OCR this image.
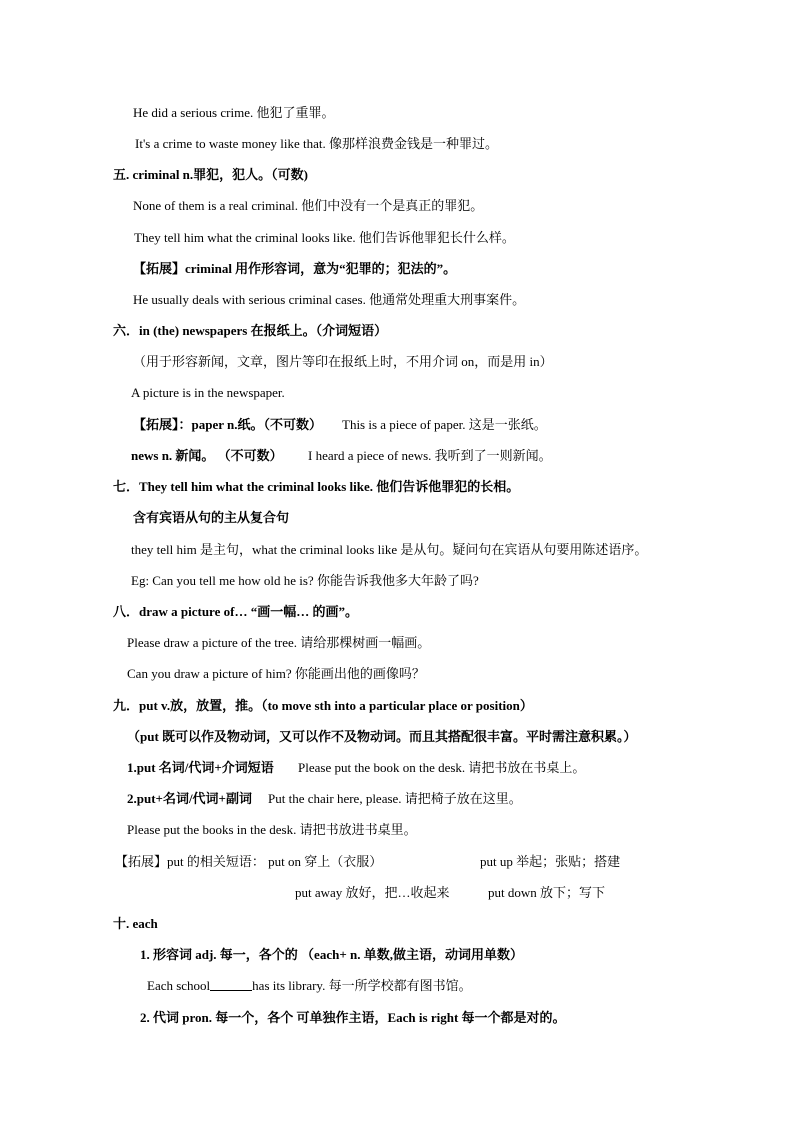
He did a serious crime. 他犯了重罪。
It's a crime to waste money like that. 像那样浪费金钱是一种罪过。
五. criminal n.罪犯，犯人。（可数)
None of them is a real criminal. 他们中没有一个是真正的罪犯。
They tell him what the criminal looks like. 他们告诉他罪犯长什么样。
【拓展】criminal 用作形容词，意为“犯罪的；犯法的”。
He usually deals with serious criminal cases. 他通常处理重大刑事案件。
六．in (the) newspapers 在报纸上。（介词短语）
（用于形容新闻，文章，图片等印在报纸上时，不用介词 on，而是用 in）
A picture is in the newspaper.
【拓展】：paper n.纸。（不可数） This is a piece of paper. 这是一张纸。
news n. 新闻。 （不可数） I heard a piece of news. 我听到了一则新闻。
七．They tell him what the criminal looks like. 他们告诉他罪犯的长相。
含有宾语从句的主从复合句
they tell him 是主句，what the criminal looks like 是从句。疑问句在宾语从句要用陈述语序。
Eg: Can you tell me how old he is? 你能告诉我他多大年龄了吗?
八．draw a picture of… “画一幅… 的画”。
Please draw a picture of the tree. 请给那棵树画一幅画。
Can you draw a picture of him? 你能画出他的画像吗？
九．put v.放，放置，推。（to move sth into a particular place or position）
（put 既可以作及物动词，又可以作不及物动词。而且其搭配很丰富。平时需注意积累。）
1.put 名词/代词+介词短语 Please put the book on the desk. 请把书放在书桌上。
2.put+名词/代词+副词 Put the chair here, please. 请把椅子放在这里。
Please put the books in the desk. 请把书放进书桌里。
【拓展】put 的相关短语： put on 穿上（衣服）	put up 举起；张贴；搭建
put away 放好，把…收起来	put down 放下；写下
十. each
1. 形容词 adj. 每一，各个的 （each+ n. 单数,做主语，动词用单数）
Each school	has its library. 每一所学校都有图书馆。
2. 代词 pron. 每一个，各个 可单独作主语，Each is right 每一个都是对的。
